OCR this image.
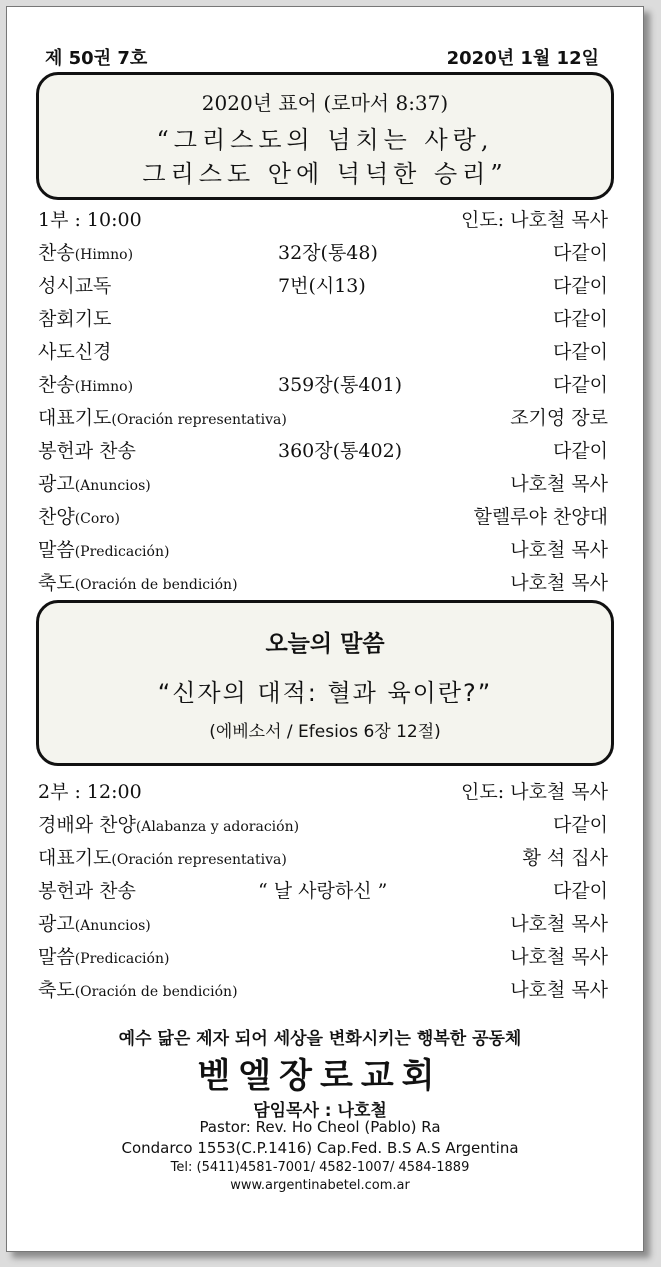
제 50권 7호	2020년 1월 12일
2020년 표어 (로마서 8:37)
“그리스도의 넘치는 사랑,
그리스도 안에 넉넉한 승리”
1부 : 10:00	인도: 나호철 목사
찬송(Himno)	32장(통48)	다같이
성시교독	7번(시13)	다같이
참회기도	다같이
사도신경	다같이
찬송(Himno)	359장(통401)	다같이
대표기도(Oración representativa)	조기영 장로
봉헌과 찬송	360장(통402)	다같이
광고(Anuncios)	나호철 목사
찬양(Coro)	할렐루야 찬양대
말씀(Predicación)	나호철 목사
축도(Oración de bendición)	나호철 목사
오늘의 말씀
“신자의 대적: 혈과 육이란?”
(에베소서 / Efesios 6장 12절)
2부 : 12:00	인도: 나호철 목사
경배와 찬양(Alabanza y adoración)	다같이
대표기도(Oración representativa)	황 석 집사
봉헌과 찬송	“ 날 사랑하신 ”	다같이
광고(Anuncios)	나호철 목사
말씀(Predicación)	나호철 목사
축도(Oración de bendición)	나호철 목사
예수 닮은 제자 되어 세상을 변화시키는 행복한 공동체
벧엘장로교회
담임목사 : 나호철
Pastor: Rev. Ho Cheol (Pablo) Ra
Condarco 1553(C.P.1416) Cap.Fed. B.S A.S Argentina
Tel: (5411)4581-7001/ 4582-1007/ 4584-1889
www.argentinabetel.com.ar
